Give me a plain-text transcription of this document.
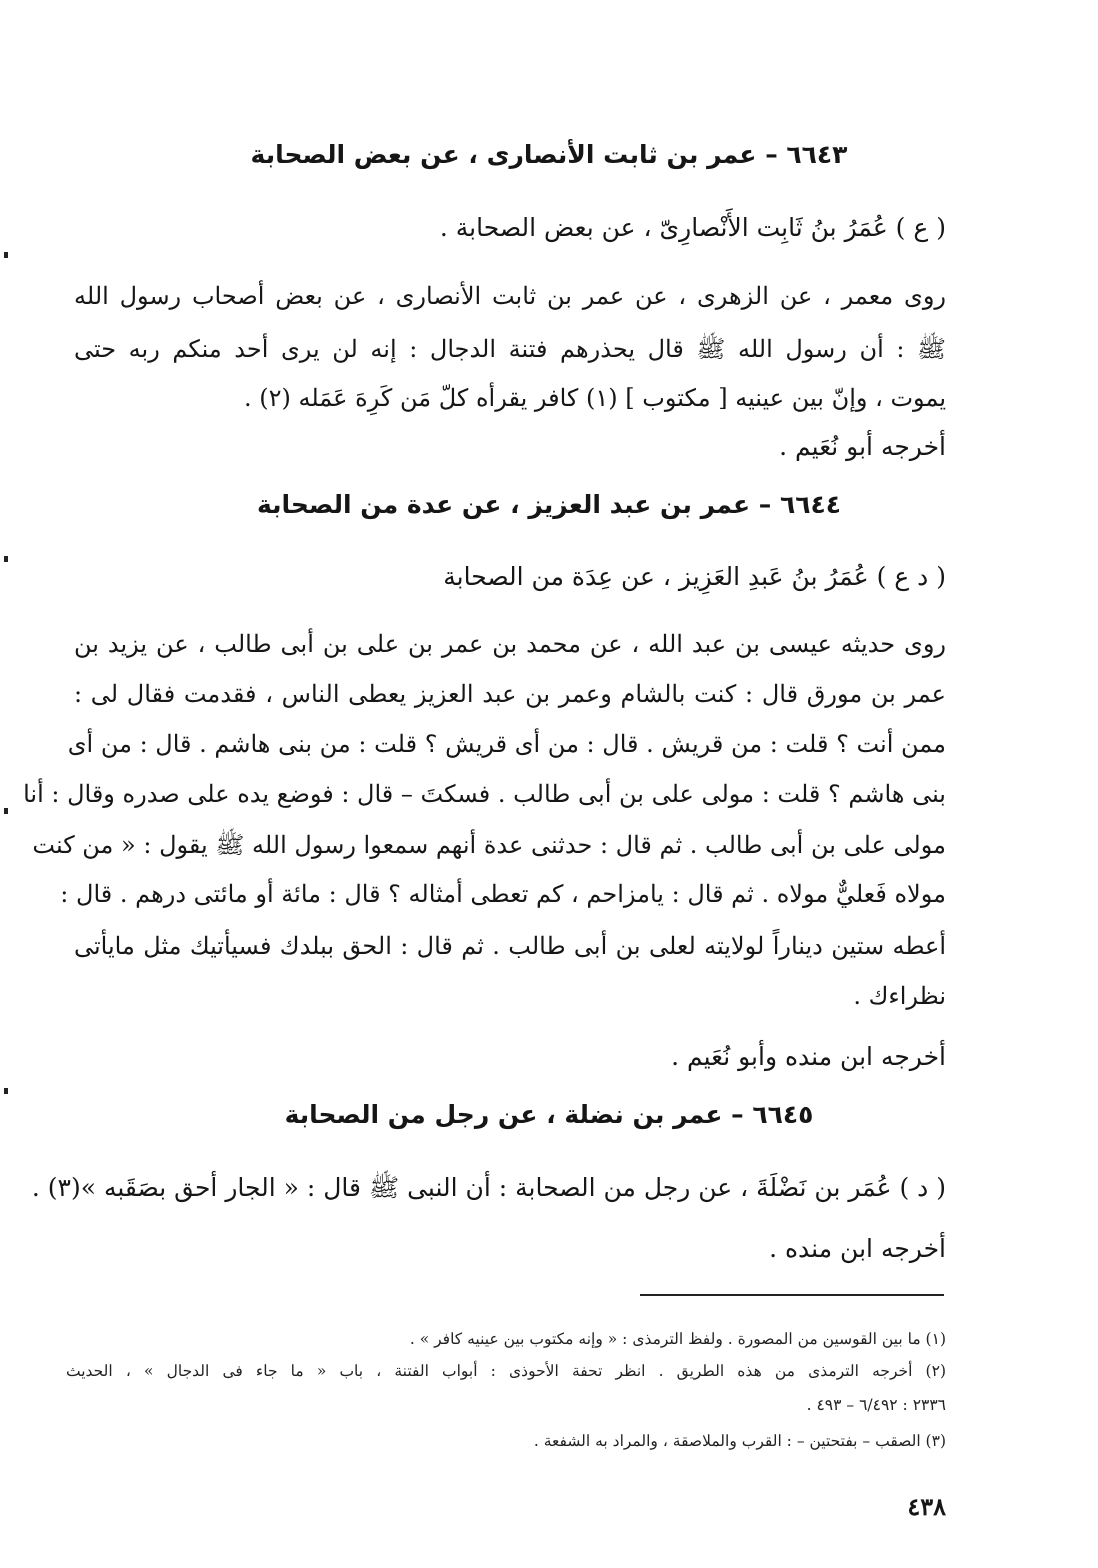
٦٦٤٣ – عمر بن ثابت الأنصارى ، عن بعض الصحابة
( ع ) عُمَرُ بنُ ثَابِت الأَنْصارِىّ ، عن بعض الصحابة .
روى معمر ، عن الزهرى ، عن عمر بن ثابت الأنصارى ، عن بعض أصحاب رسول الله
ﷺ : أن رسول الله ﷺ قال يحذرهم فتنة الدجال : إنه لن يرى أحد منكم ربه حتى
يموت ، وإنّ بين عينيه [ مكتوب ] (١) كافر يقرأه كلّ مَن كَرِهَ عَمَله (٢) .
أخرجه أبو نُعَيم .
٦٦٤٤ – عمر بن عبد العزيز ، عن عدة من الصحابة
( د ع ) عُمَرُ بنُ عَبدِ العَزِيز ، عن عِدَة من الصحابة
روى حديثه عيسى بن عبد الله ، عن محمد بن عمر بن على بن أبى طالب ، عن يزيد بن
عمر بن مورق قال : كنت بالشام وعمر بن عبد العزيز يعطى الناس ، فقدمت فقال لى :
ممن أنت ؟ قلت : من قريش . قال : من أى قريش ؟ قلت : من بنى هاشم . قال : من أى
بنى هاشم ؟ قلت : مولى على بن أبى طالب . فسكتَ – قال : فوضع يده على صدره وقال : أنا
مولى على بن أبى طالب . ثم قال : حدثنى عدة أنهم سمعوا رسول الله ﷺ يقول : « من كنت
مولاه فَعليٌّ مولاه . ثم قال : يامزاحم ، كم تعطى أمثاله ؟ قال : مائة أو مائتى درهم . قال :
أعطه ستين ديناراً لولايته لعلى بن أبى طالب . ثم قال : الحق ببلدك فسيأتيك مثل مايأتى
نظراءك .
أخرجه ابن منده وأبو نُعَيم .
٦٦٤٥ – عمر بن نضلة ، عن رجل من الصحابة
( د ) عُمَر بن نَضْلَةَ ، عن رجل من الصحابة : أن النبى ﷺ قال : « الجار أحق بصَقَبه »(٣) .
أخرجه ابن منده .
(١) ما بين القوسين من المصورة . ولفظ الترمذى : « وإنه مكتوب بين عينيه كافر » .
(٢) أخرجه الترمذى من هذه الطريق . انظر تحفة الأحوذى : أبواب الفتنة ، باب « ما جاء فى الدجال » ، الحديث
٢٣٣٦ : ٦/٤٩٢ – ٤٩٣ .
(٣) الصقب – بفتحتين – : القرب والملاصقة ، والمراد به الشفعة .
٤٣٨
